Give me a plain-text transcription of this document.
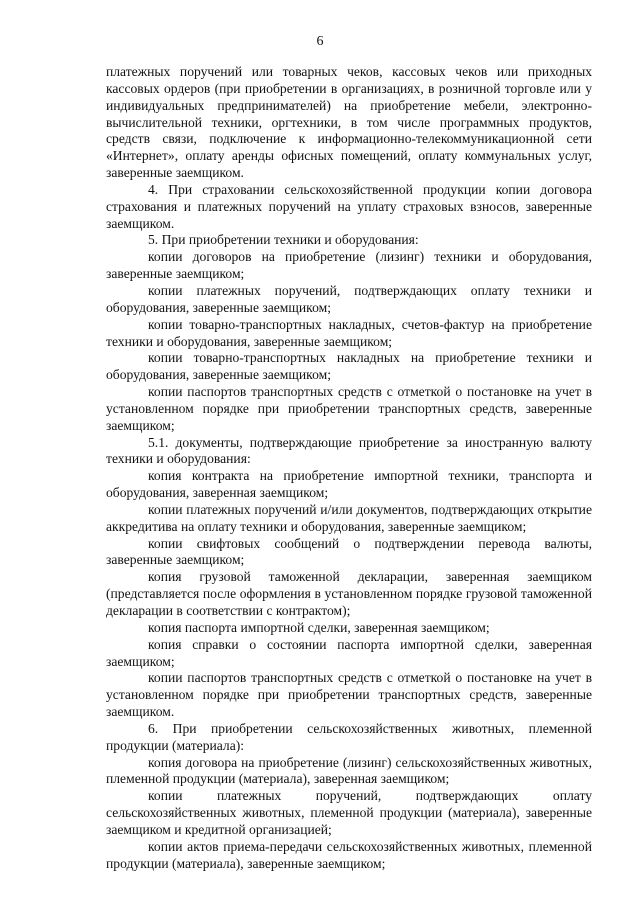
6

платежных поручений или товарных чеков, кассовых чеков или приходных кассовых ордеров (при приобретении в организациях, в розничной торговле или у индивидуальных предпринимателей) на приобретение мебели, электронно-вычислительной техники, оргтехники, в том числе программных продуктов, средств связи, подключение к информационно-телекоммуникационной сети «Интернет», оплату аренды офисных помещений, оплату коммунальных услуг, заверенные заемщиком.

4. При страховании сельскохозяйственной продукции копии договора страхования и платежных поручений на уплату страховых взносов, заверенные заемщиком.

5. При приобретении техники и оборудования:

копии договоров на приобретение (лизинг) техники и оборудования, заверенные заемщиком;

копии платежных поручений, подтверждающих оплату техники и оборудования, заверенные заемщиком;

копии товарно-транспортных накладных, счетов-фактур на приобретение техники и оборудования, заверенные заемщиком;

копии товарно-транспортных накладных на приобретение техники и оборудования, заверенные заемщиком;

копии паспортов транспортных средств с отметкой о постановке на учет в установленном порядке при приобретении транспортных средств, заверенные заемщиком;

5.1. документы, подтверждающие приобретение за иностранную валюту техники и оборудования:

копия контракта на приобретение импортной техники, транспорта и оборудования, заверенная заемщиком;

копии платежных поручений и/или документов, подтверждающих открытие аккредитива на оплату техники и оборудования, заверенные заемщиком;

копии свифтовых сообщений о подтверждении перевода валюты, заверенные заемщиком;

копия грузовой таможенной декларации, заверенная заемщиком (представляется после оформления в установленном порядке грузовой таможенной декларации в соответствии с контрактом);

копия паспорта импортной сделки, заверенная заемщиком;

копия справки о состоянии паспорта импортной сделки, заверенная заемщиком;

копии паспортов транспортных средств с отметкой о постановке на учет в установленном порядке при приобретении транспортных средств, заверенные заемщиком.

6. При приобретении сельскохозяйственных животных, племенной продукции (материала):

копия договора на приобретение (лизинг) сельскохозяйственных животных, племенной продукции (материала), заверенная заемщиком;

копии платежных поручений, подтверждающих оплату сельскохозяйственных животных, племенной продукции (материала), заверенные заемщиком и кредитной организацией;

копии актов приема-передачи сельскохозяйственных животных, племенной продукции (материала), заверенные заемщиком;
